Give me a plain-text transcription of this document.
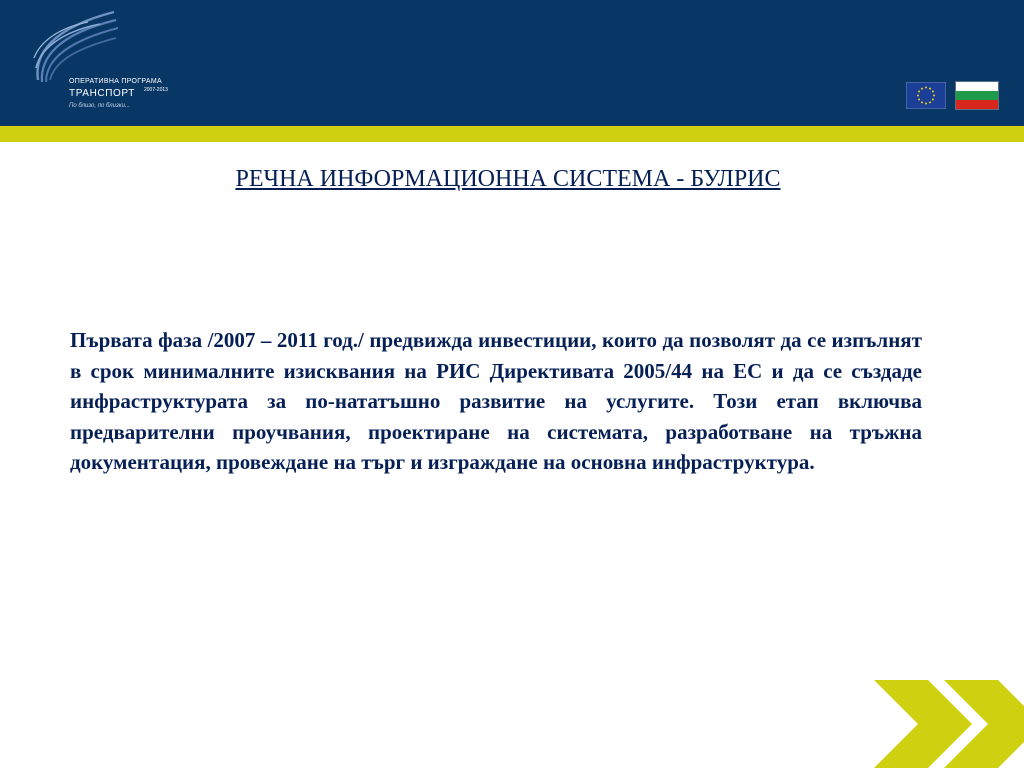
ОПЕРАТИВНА ПРОГРАМА
ТРАНСПОРТ 2007-2013
По близо, по близки...
РЕЧНА ИНФОРМАЦИОННА СИСТЕМА - БУЛРИС

Първата фаза /2007 – 2011 год./ предвижда инвестиции, които да позволят да се изпълнят в срок минималните изисквания на РИС Директивата 2005/44 на ЕС и да се създаде инфраструктурата за по-нататъшно развитие на услугите. Този етап включва предварителни проучвания, проектиране на системата, разработване на тръжна документация, провеждане на търг и изграждане на основна инфраструктура.
